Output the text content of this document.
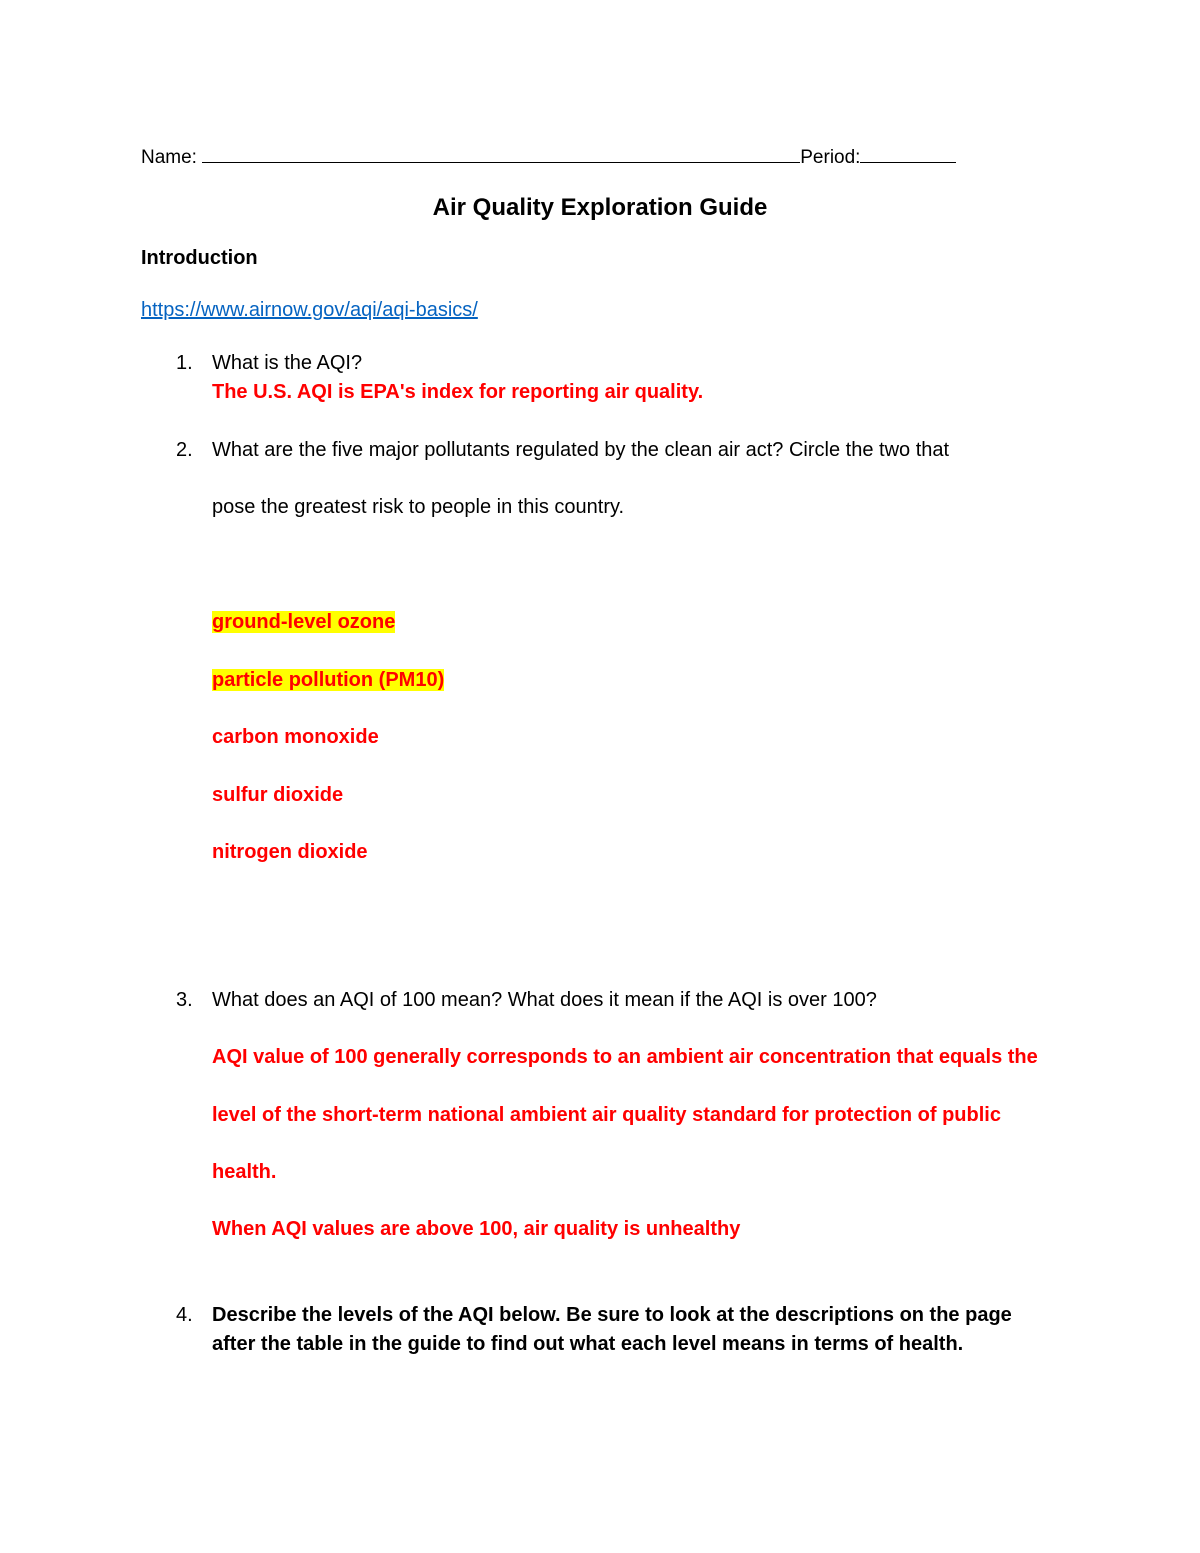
Name:	Period:
Air Quality Exploration Guide
Introduction
https://www.airnow.gov/aqi/aqi-basics/
1. What is the AQI?
The U.S. AQI is EPA's index for reporting air quality.
2. What are the five major pollutants regulated by the clean air act? Circle the two that
pose the greatest risk to people in this country.
ground-level ozone
particle pollution (PM10)
carbon monoxide
sulfur dioxide
nitrogen dioxide
3. What does an AQI of 100 mean? What does it mean if the AQI is over 100?
AQI value of 100 generally corresponds to an ambient air concentration that equals the
level of the short-term national ambient air quality standard for protection of public
health.
When AQI values are above 100, air quality is unhealthy
4. Describe the levels of the AQI below. Be sure to look at the descriptions on the page
after the table in the guide to find out what each level means in terms of health.
